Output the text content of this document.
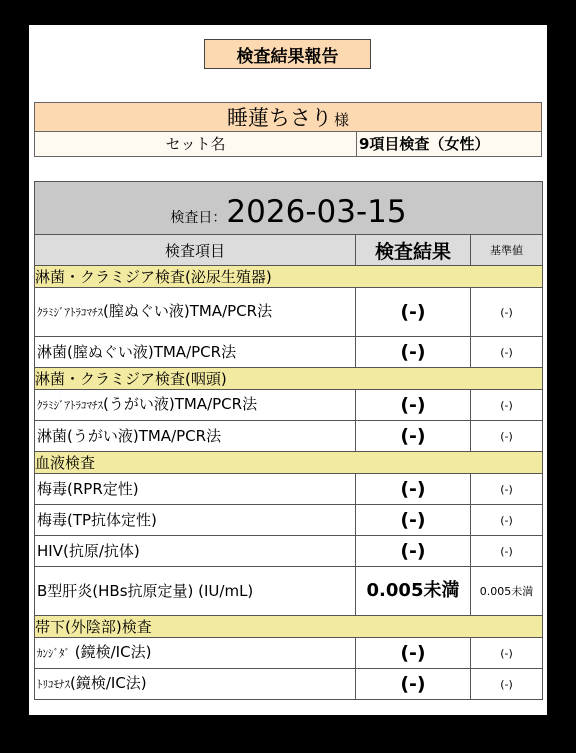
検査結果報告
睡蓮ちさり 様
セット名	9項目検査（女性）
検査日：2026-03-15		
検査項目	検査結果	基準値
淋菌・クラミジア検査(泌尿生殖器)		
ｸﾗﾐｼﾞｱﾄﾗｺﾏﾁｽ(膣ぬぐい液)TMA/PCR法	(-)	(-)
淋菌(膣ぬぐい液)TMA/PCR法	(-)	(-)
淋菌・クラミジア検査(咽頭)		
ｸﾗﾐｼﾞｱﾄﾗｺﾏﾁｽ(うがい液)TMA/PCR法	(-)	(-)
淋菌(うがい液)TMA/PCR法	(-)	(-)
血液検査		
梅毒(RPR定性)	(-)	(-)
梅毒(TP抗体定性)	(-)	(-)
HIV(抗原/抗体)	(-)	(-)
B型肝炎(HBs抗原定量) (IU/mL)	0.005未満	0.005未満
帯下(外陰部)検査		
ｶﾝｼﾞﾀﾞ (鏡検/IC法)	(-)	(-)
ﾄﾘｺﾓﾅｽ(鏡検/IC法)	(-)	(-)
